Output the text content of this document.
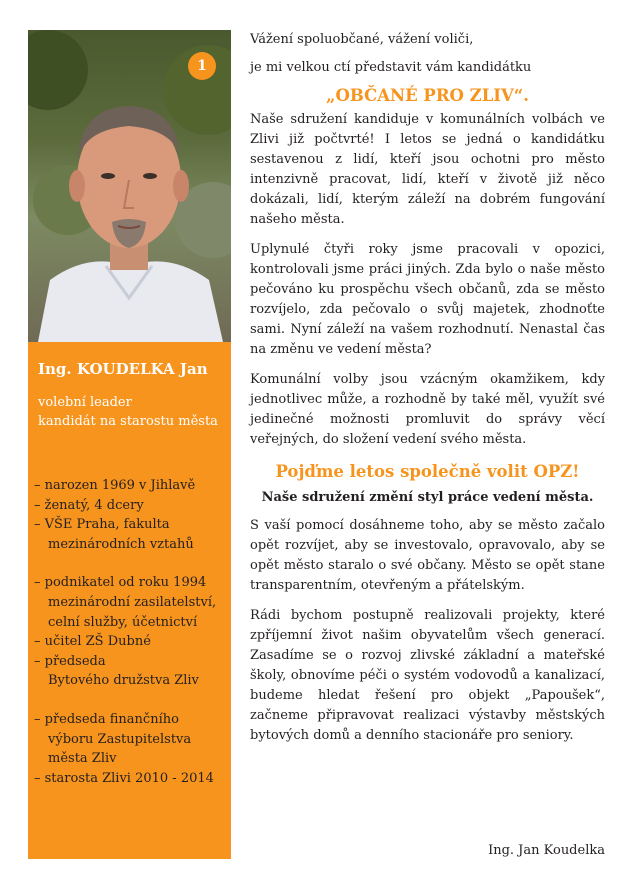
1
Ing. KOUDELKA Jan
volební leader
kandidát na starostu města
– narozen 1969 v Jihlavě
– ženatý, 4 dcery
– VŠE Praha, fakulta
mezinárodních vztahů
– podnikatel od roku 1994
mezinárodní zasilatelství,
celní služby, účetnictví
– učitel ZŠ Dubné
– předseda
Bytového družstva Zliv
– předseda finančního
výboru Zastupitelstva
města Zliv
– starosta Zlivi 2010 - 2014

Vážení spoluobčané, vážení voliči,

je mi velkou ctí představit vám kandidátku

„OBČANÉ PRO ZLIV“.

Naše sdružení kandiduje v komunálních volbách ve Zlivi již počtvrté! I letos se jedná o kandidátku sestavenou z lidí, kteří jsou ochotni pro město intenzivně pracovat, lidí, kteří v životě již něco dokázali, lidí, kterým záleží na dobrém fungování našeho města.

Uplynulé čtyři roky jsme pracovali v opozici, kontrolovali jsme práci jiných. Zda bylo o naše město pečováno ku prospěchu všech občanů, zda se město rozvíjelo, zda pečovalo o svůj majetek, zhodnoťte sami. Nyní záleží na vašem rozhodnutí. Nenastal čas na změnu ve vedení města?

Komunální volby jsou vzácným okamžikem, kdy jednotlivec může, a rozhodně by také měl, využít své jedinečné možnosti promluvit do správy věcí veřejných, do složení vedení svého města.

Pojďme letos společně volit OPZ!
Naše sdružení změní styl práce vedení města.

S vaší pomocí dosáhneme toho, aby se město začalo opět rozvíjet, aby se investovalo, opravovalo, aby se opět město staralo o své občany. Město se opět stane transparentním, otevřeným a přátelským.

Rádi bychom postupně realizovali projekty, které zpříjemní život našim obyvatelům všech generací. Zasadíme se o rozvoj zlivské základní a mateřské školy, obnovíme péči o systém vodovodů a kanalizací, budeme hledat řešení pro objekt „Papoušek“, začneme připravovat realizaci výstavby městských bytových domů a denního stacionáře pro seniory.

Ing. Jan Koudelka
